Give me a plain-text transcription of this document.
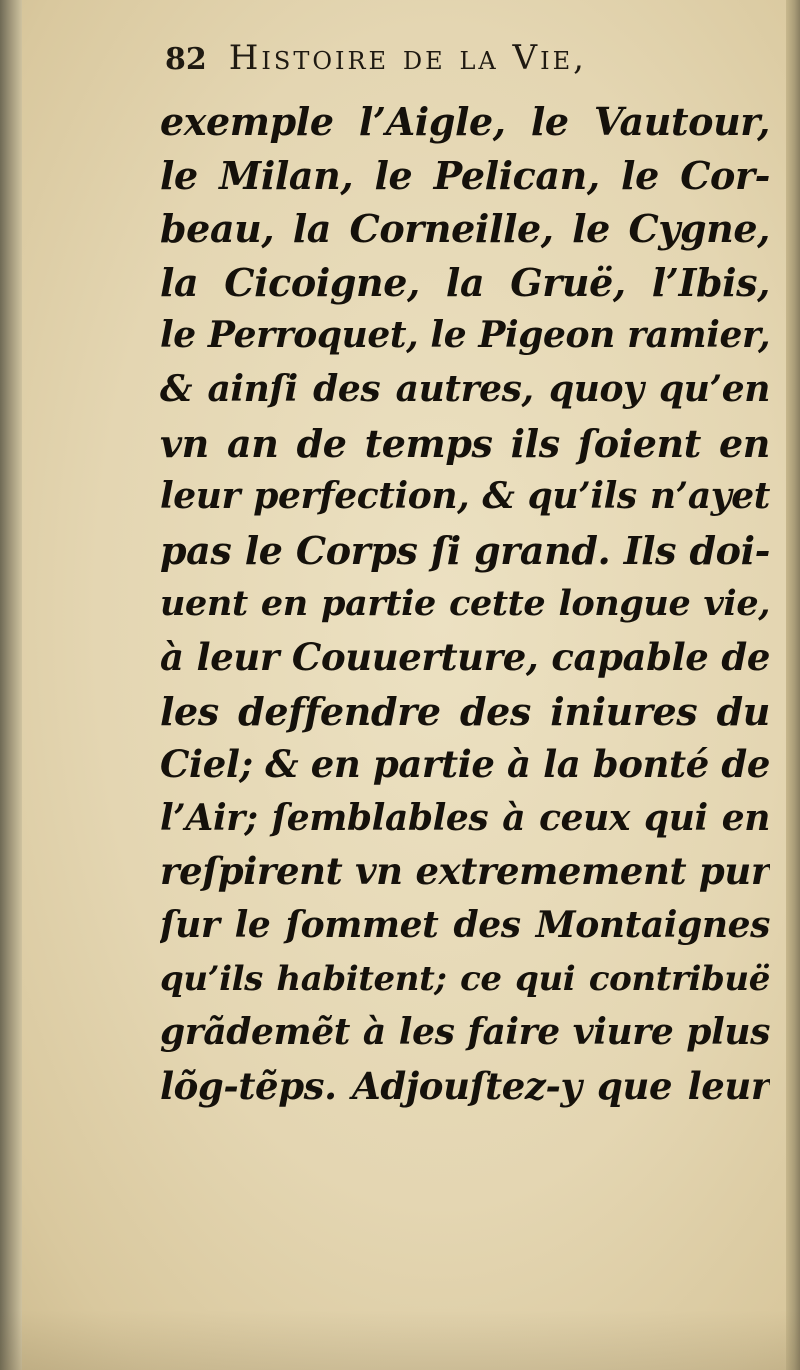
82 Histoire de la Vie,
exemple l’Aigle, le Vautour,
le Milan, le Pelican, le Cor-
beau, la Corneille, le Cygne,
la Cicoigne, la Gruë, l’Ibis,
le Perroquet, le Pigeon ramier,
& ainſi des autres, quoy qu’en
vn an de temps ils ſoient en
leur perfection, & qu’ils n’ayet
pas le Corps ſi grand. Ils doi-
uent en partie cette longue vie,
à leur Couuerture, capable de
les deffendre des iniures du
Ciel; & en partie à la bonté de
l’Air; ſemblables à ceux qui en
reſpirent vn extremement pur
ſur le ſommet des Montaignes
qu’ils habitent; ce qui contribuë
grãdemẽt à les faire viure plus
lõg-tẽps. Adjouſtez-y que leur
